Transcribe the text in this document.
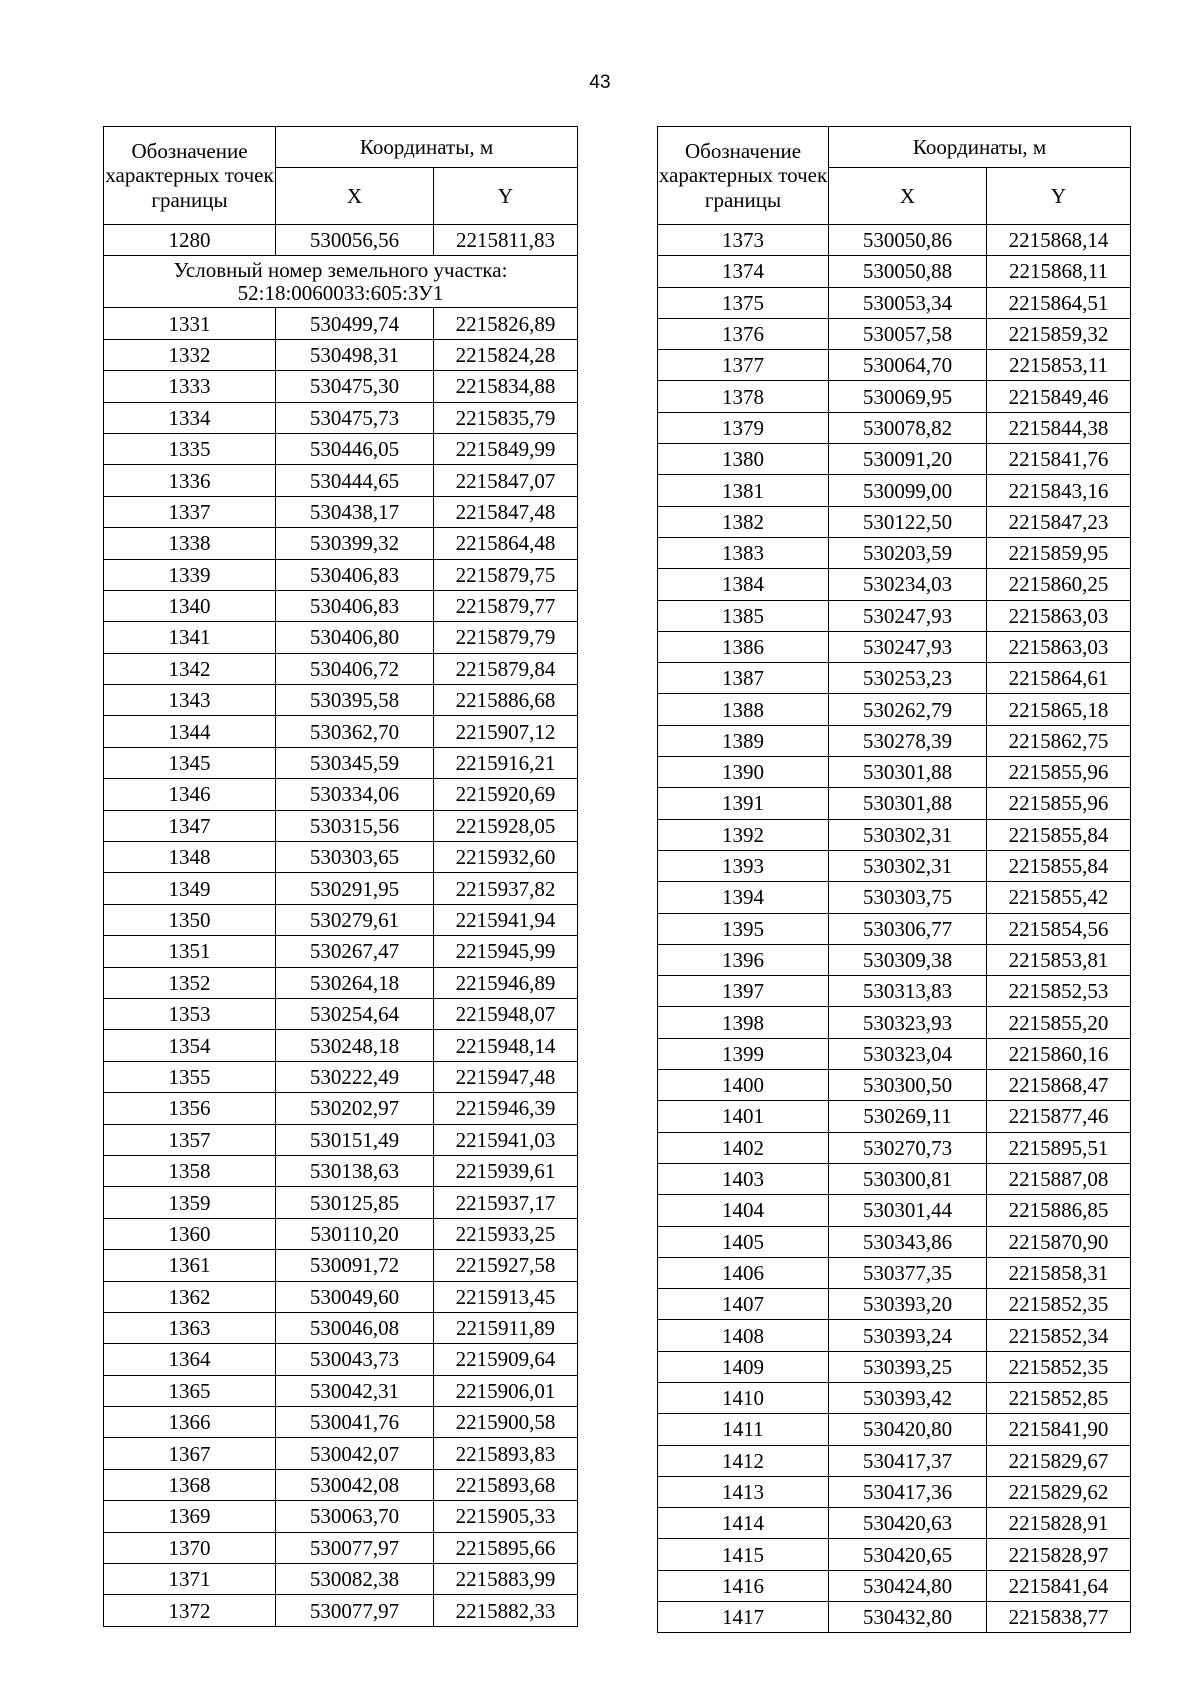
43
Обозначение характерных точек границы	Координаты, м	
	X	Y
1280	530056,56	2215811,83
Условный номер земельного участка: 52:18:0060033:605:ЗУ1		
1331	530499,74	2215826,89
1332	530498,31	2215824,28
1333	530475,30	2215834,88
1334	530475,73	2215835,79
1335	530446,05	2215849,99
1336	530444,65	2215847,07
1337	530438,17	2215847,48
1338	530399,32	2215864,48
1339	530406,83	2215879,75
1340	530406,83	2215879,77
1341	530406,80	2215879,79
1342	530406,72	2215879,84
1343	530395,58	2215886,68
1344	530362,70	2215907,12
1345	530345,59	2215916,21
1346	530334,06	2215920,69
1347	530315,56	2215928,05
1348	530303,65	2215932,60
1349	530291,95	2215937,82
1350	530279,61	2215941,94
1351	530267,47	2215945,99
1352	530264,18	2215946,89
1353	530254,64	2215948,07
1354	530248,18	2215948,14
1355	530222,49	2215947,48
1356	530202,97	2215946,39
1357	530151,49	2215941,03
1358	530138,63	2215939,61
1359	530125,85	2215937,17
1360	530110,20	2215933,25
1361	530091,72	2215927,58
1362	530049,60	2215913,45
1363	530046,08	2215911,89
1364	530043,73	2215909,64
1365	530042,31	2215906,01
1366	530041,76	2215900,58
1367	530042,07	2215893,83
1368	530042,08	2215893,68
1369	530063,70	2215905,33
1370	530077,97	2215895,66
1371	530082,38	2215883,99
1372	530077,97	2215882,33
Обозначение характерных точек границы	Координаты, м	
	X	Y
1373	530050,86	2215868,14
1374	530050,88	2215868,11
1375	530053,34	2215864,51
1376	530057,58	2215859,32
1377	530064,70	2215853,11
1378	530069,95	2215849,46
1379	530078,82	2215844,38
1380	530091,20	2215841,76
1381	530099,00	2215843,16
1382	530122,50	2215847,23
1383	530203,59	2215859,95
1384	530234,03	2215860,25
1385	530247,93	2215863,03
1386	530247,93	2215863,03
1387	530253,23	2215864,61
1388	530262,79	2215865,18
1389	530278,39	2215862,75
1390	530301,88	2215855,96
1391	530301,88	2215855,96
1392	530302,31	2215855,84
1393	530302,31	2215855,84
1394	530303,75	2215855,42
1395	530306,77	2215854,56
1396	530309,38	2215853,81
1397	530313,83	2215852,53
1398	530323,93	2215855,20
1399	530323,04	2215860,16
1400	530300,50	2215868,47
1401	530269,11	2215877,46
1402	530270,73	2215895,51
1403	530300,81	2215887,08
1404	530301,44	2215886,85
1405	530343,86	2215870,90
1406	530377,35	2215858,31
1407	530393,20	2215852,35
1408	530393,24	2215852,34
1409	530393,25	2215852,35
1410	530393,42	2215852,85
1411	530420,80	2215841,90
1412	530417,37	2215829,67
1413	530417,36	2215829,62
1414	530420,63	2215828,91
1415	530420,65	2215828,97
1416	530424,80	2215841,64
1417	530432,80	2215838,77
